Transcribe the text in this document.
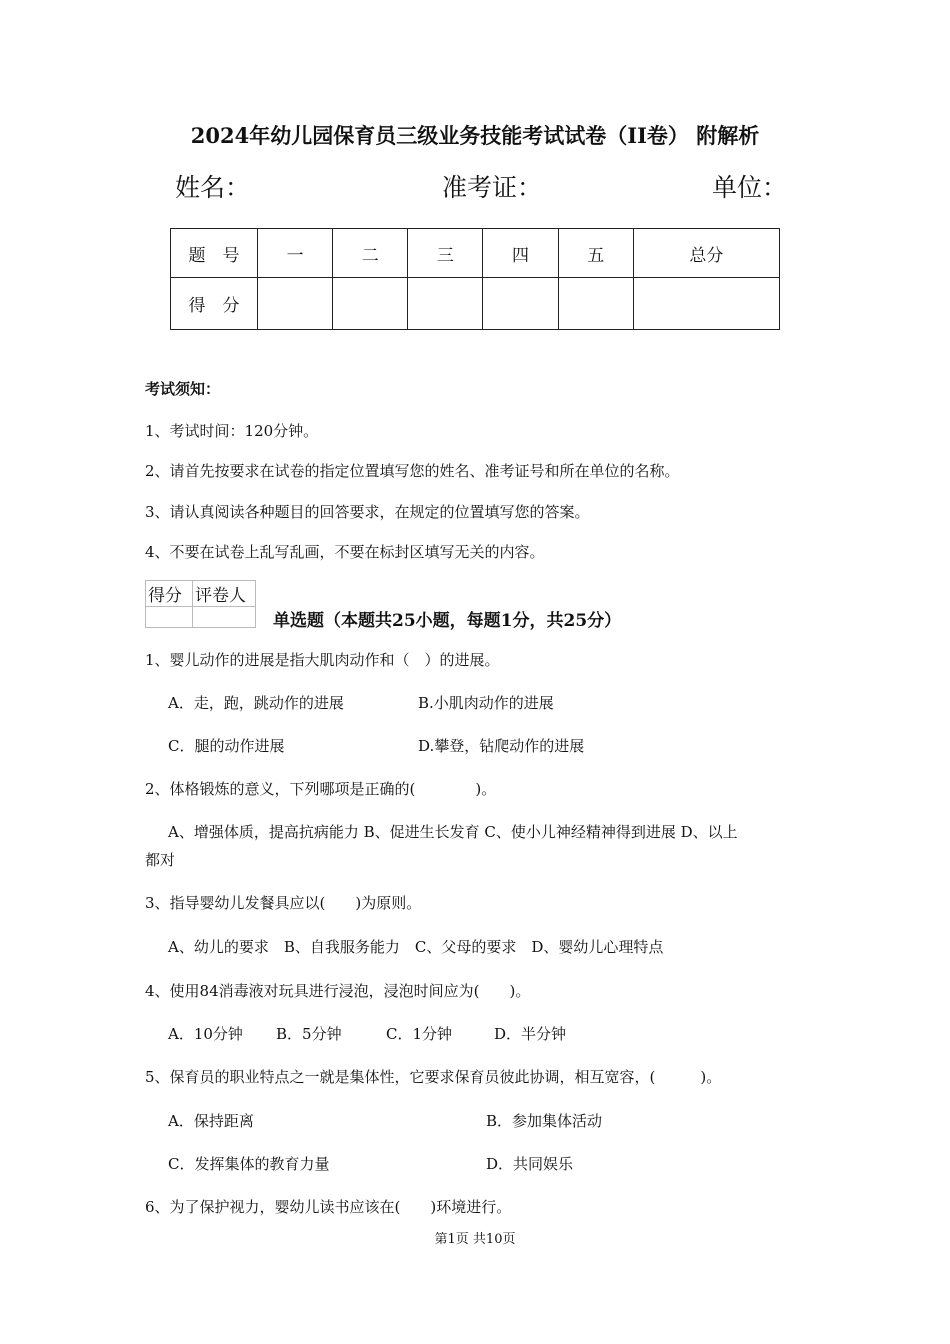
2024年幼儿园保育员三级业务技能考试试卷（II卷） 附解析
姓名：	准考证：	单位：
题　号	一	二	三	四	五	总分
得　分						
考试须知：
1、考试时间：120分钟。
2、请首先按要求在试卷的指定位置填写您的姓名、准考证号和所在单位的名称。
3、请认真阅读各种题目的回答要求，在规定的位置填写您的答案。
4、不要在试卷上乱写乱画，不要在标封区填写无关的内容。
得分	评卷人

单选题（本题共25小题，每题1分，共25分）
1、婴儿动作的进展是指大肌肉动作和（　）的进展。
A．走，跑，跳动作的进展	B.小肌肉动作的进展
C．腿的动作进展	D.攀登，钻爬动作的进展
2、体格锻炼的意义，下列哪项是正确的(　　　　)。
A、增强体质，提高抗病能力 B、促进生长发育 C、使小儿神经精神得到进展 D、以上
都对
3、指导婴幼儿发餐具应以(　　)为原则。
A、幼儿的要求　B、自我服务能力　C、父母的要求　D、婴幼儿心理特点
4、使用84消毒液对玩具进行浸泡，浸泡时间应为(　　)。
A．10分钟 B．5分钟	C．1分钟	D．半分钟
5、保育员的职业特点之一就是集体性，它要求保育员彼此协调，相互宽容，(　　　)。
A．保持距离	B．参加集体活动
C．发挥集体的教育力量	D．共同娱乐
6、为了保护视力，婴幼儿读书应该在(　　)环境进行。
第1页 共10页
